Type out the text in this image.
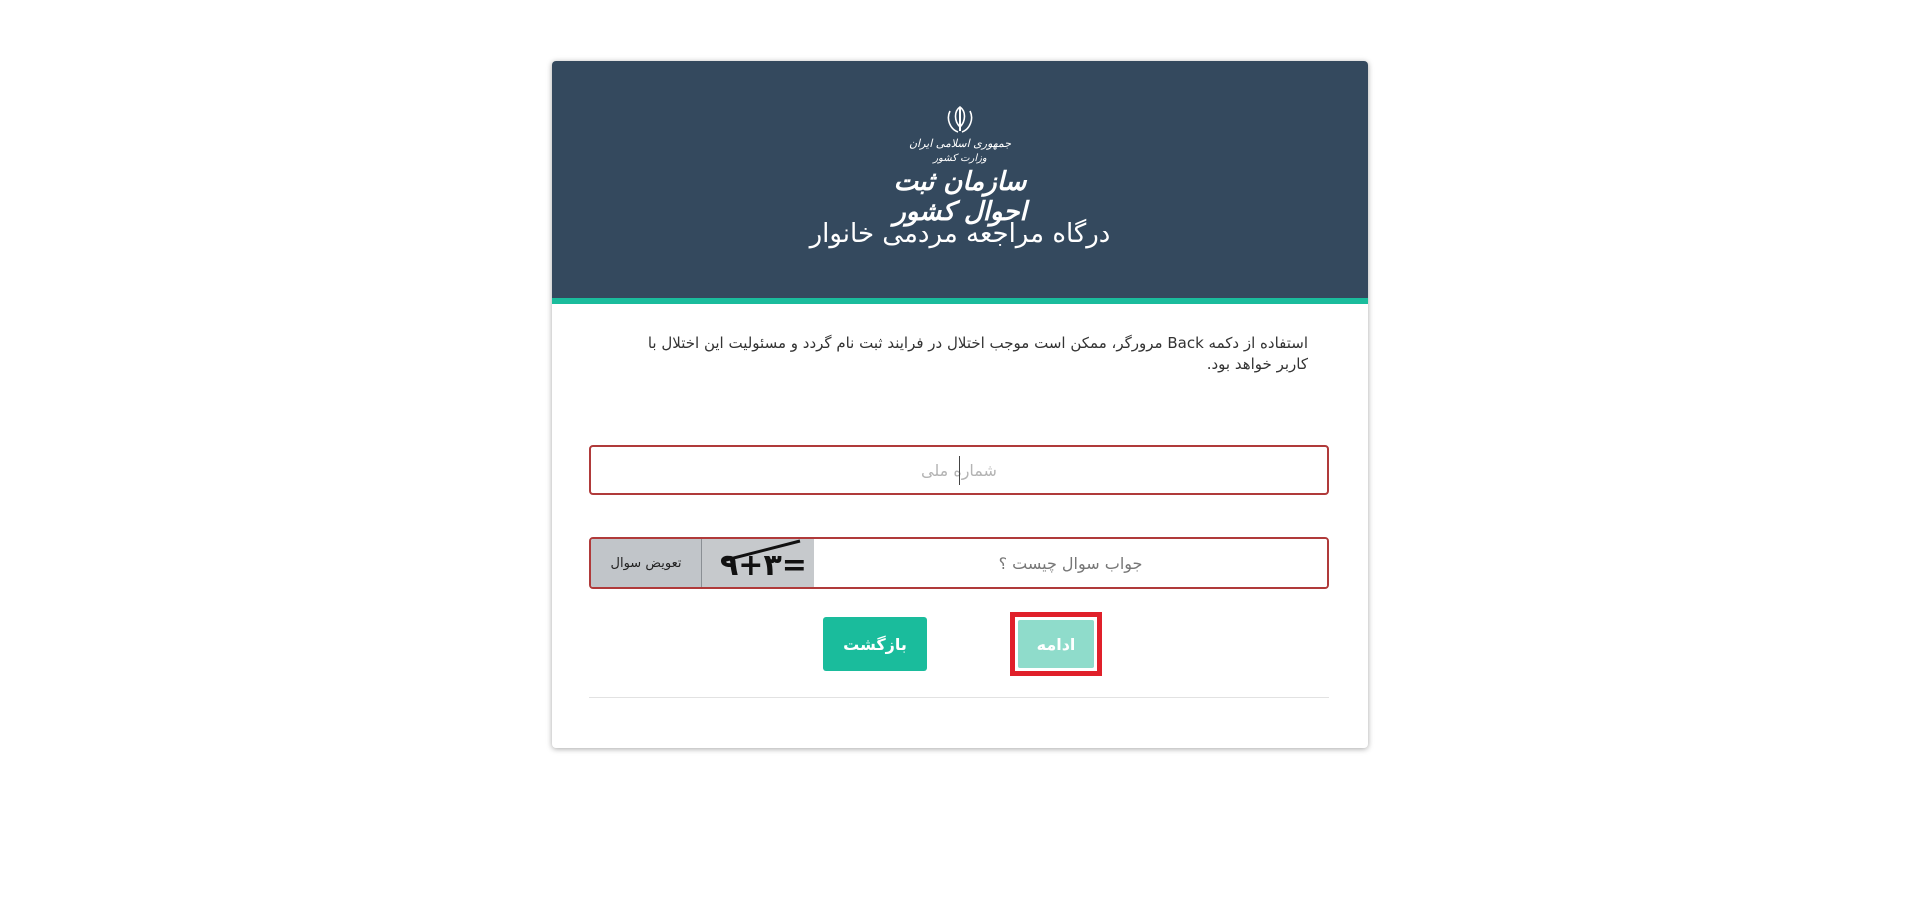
جمهوری اسلامی ایران
وزارت کشور
سازمان ثبت احوال کشور
درگاه مراجعه مردمی خانوار
استفاده از دکمه Back مرورگر، ممکن است موجب اختلال در فرایند ثبت نام گردد و مسئولیت این اختلال با کاربر خواهد بود.
شماره ملی
تعویض سوال ۹+۳=
جواب سوال چیست ؟
بازگشت	ادامه
